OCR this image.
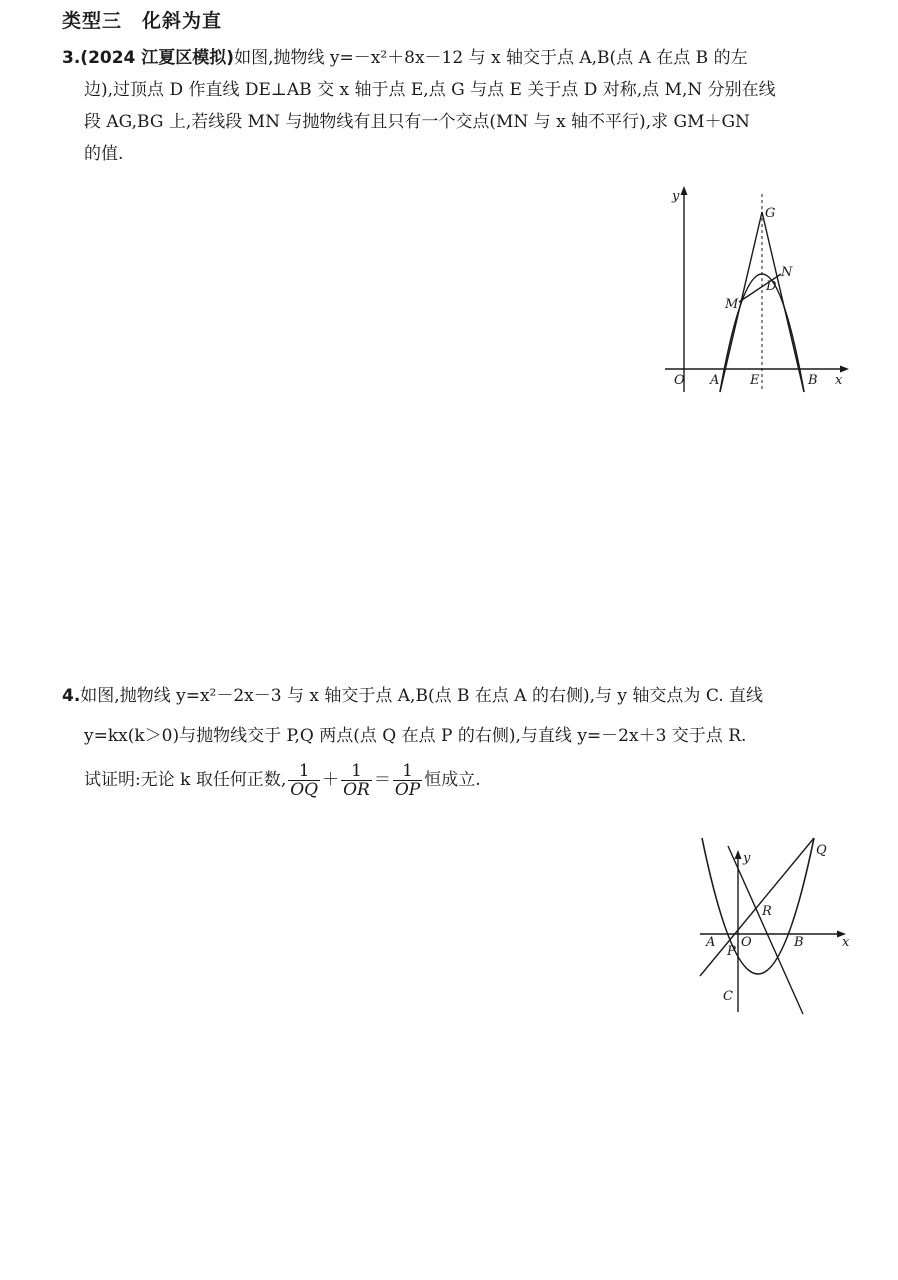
类型三　化斜为直
3.(2024 江夏区模拟)如图,抛物线 y=－x²＋8x－12 与 x 轴交于点 A,B(点 A 在点 B 的左
边),过顶点 D 作直线 DE⊥AB 交 x 轴于点 E,点 G 与点 E 关于点 D 对称,点 M,N 分别在线
段 AG,BG 上,若线段 MN 与抛物线有且只有一个交点(MN 与 x 轴不平行),求 GM＋GN
的值.
y
x
O A E	B
G
N
D
M
4.如图,抛物线 y=x²－2x－3 与 x 轴交于点 A,B(点 B 在点 A 的右侧),与 y 轴交点为 C. 直线
y=kx(k＞0)与抛物线交于 P,Q 两点(点 Q 在点 P 的右侧),与直线 y=－2x＋3 交于点 R.
试证明:无论 k 取任何正数, $\frac{1}{OQ} + \frac{1}{OR} = \frac{1}{OP}$ 恒成立.
y
x
Q
R
A
P
O	B
C
